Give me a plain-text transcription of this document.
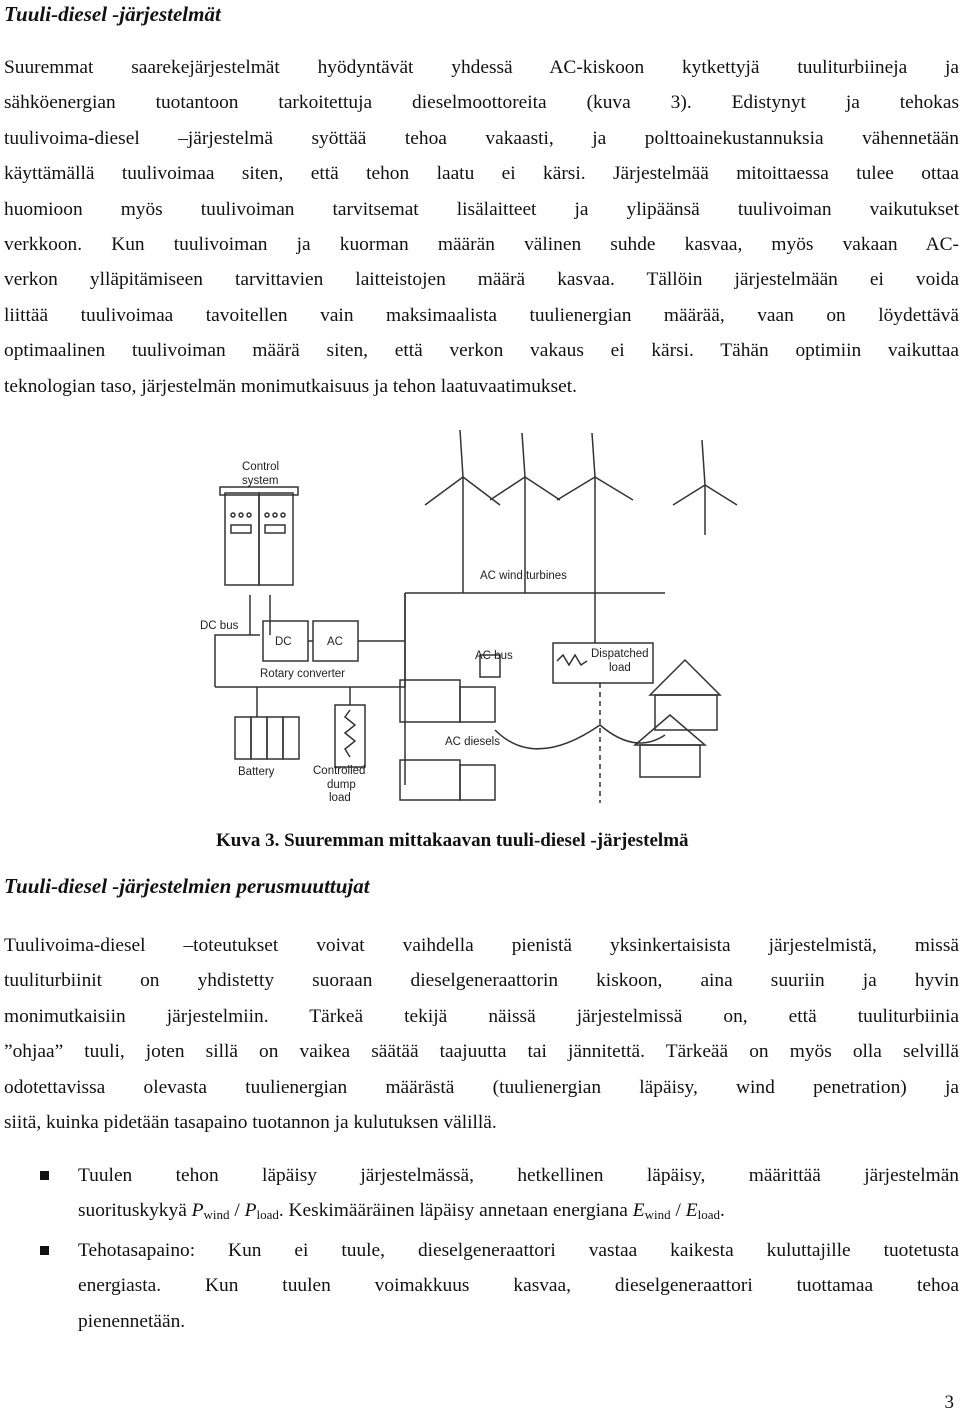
Tuuli-diesel -järjestelmät
Suuremmat saarekejärjestelmät hyödyntävät yhdessä AC-kiskoon kytkettyjä tuuliturbiineja ja
sähköenergian tuotantoon tarkoitettuja dieselmoottoreita (kuva 3). Edistynyt ja tehokas
tuulivoima-diesel –järjestelmä syöttää tehoa vakaasti, ja polttoainekustannuksia vähennetään
käyttämällä tuulivoimaa siten, että tehon laatu ei kärsi. Järjestelmää mitoittaessa tulee ottaa
huomioon myös tuulivoiman tarvitsemat lisälaitteet ja ylipäänsä tuulivoiman vaikutukset
verkkoon. Kun tuulivoiman ja kuorman määrän välinen suhde kasvaa, myös vakaan AC-
verkon ylläpitämiseen tarvittavien laitteistojen määrä kasvaa. Tällöin järjestelmään ei voida
liittää tuulivoimaa tavoitellen vain maksimaalista tuulienergian määrää, vaan on löydettävä
optimaalinen tuulivoiman määrä siten, että verkon vakaus ei kärsi. Tähän optimiin vaikuttaa
teknologian taso, järjestelmän monimutkaisuus ja tehon laatuvaatimukset.
Control
system
AC wind turbines
DC bus
DC	AC
Rotary converter
AC bus	Dispatched
load
AC diesels
Battery	Controlled
dump
load
Kuva 3. Suuremman mittakaavan tuuli-diesel -järjestelmä
Tuuli-diesel -järjestelmien perusmuuttujat
Tuulivoima-diesel –toteutukset voivat vaihdella pienistä yksinkertaisista järjestelmistä, missä
tuuliturbiinit on yhdistetty suoraan dieselgeneraattorin kiskoon, aina suuriin ja hyvin
monimutkaisiin järjestelmiin. Tärkeä tekijä näissä järjestelmissä on, että tuuliturbiinia
”ohjaa” tuuli, joten sillä on vaikea säätää taajuutta tai jännitettä. Tärkeää on myös olla selvillä
odotettavissa olevasta tuulienergian määrästä (tuulienergian läpäisy, wind penetration) ja
siitä, kuinka pidetään tasapaino tuotannon ja kulutuksen välillä.
Tuulen tehon läpäisy järjestelmässä, hetkellinen läpäisy, määrittää järjestelmän
suorituskykyä $P_{wind} / P_{load}$. Keskimääräinen läpäisy annetaan energiana $E_{wind} / E_{load}$.
Tehotasapaino: Kun ei tuule, dieselgeneraattori vastaa kaikesta kuluttajille tuotetusta
energiasta. Kun tuulen voimakkuus kasvaa, dieselgeneraattori tuottamaa tehoa
pienennetään.
3
